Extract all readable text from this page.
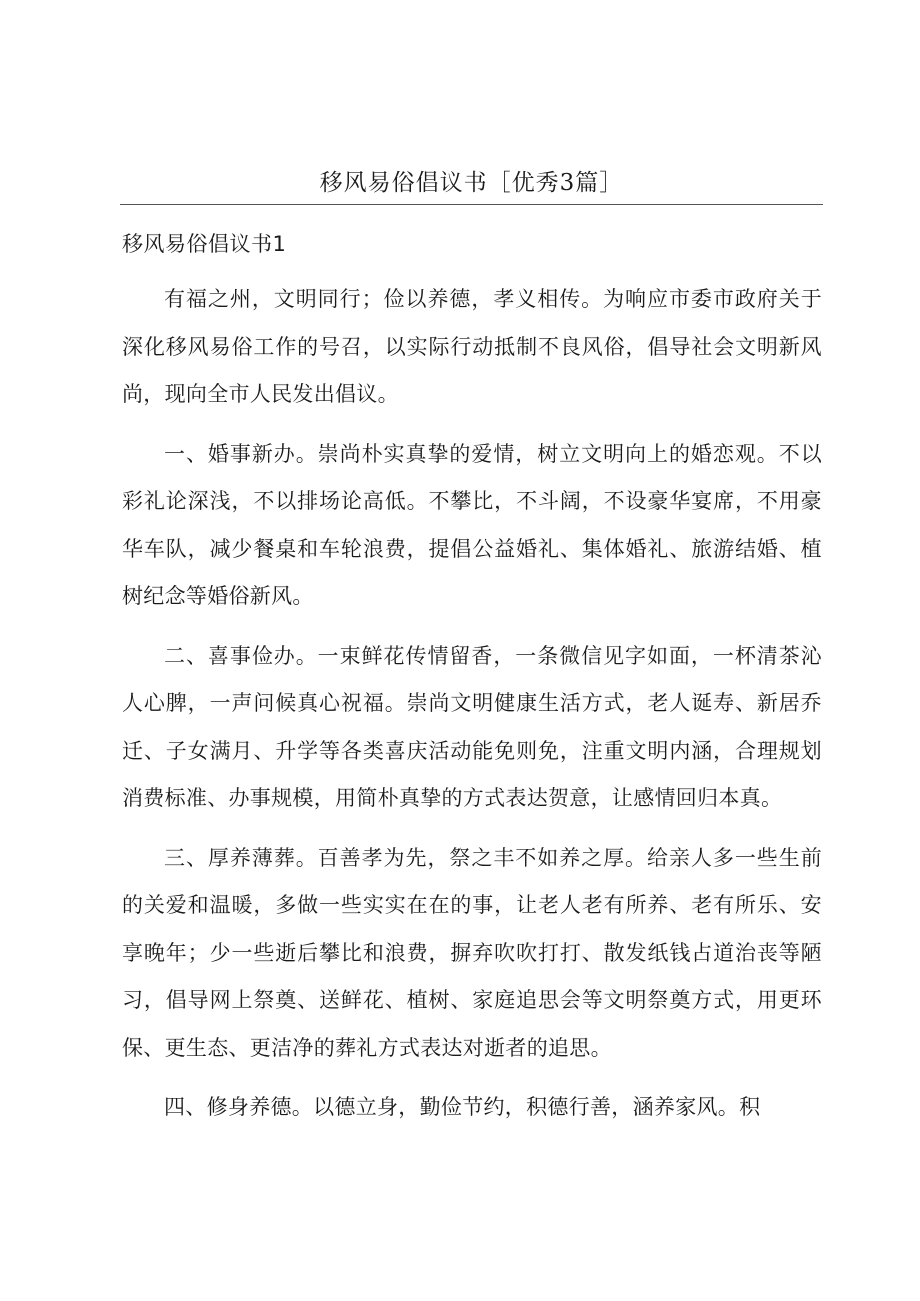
移风易俗倡议书［优秀3篇］

移风易俗倡议书1

有福之州，文明同行；俭以养德，孝义相传。为响应市委市政府关于深化移风易俗工作的号召，以实际行动抵制不良风俗，倡导社会文明新风尚，现向全市人民发出倡议。

一、婚事新办。崇尚朴实真挚的爱情，树立文明向上的婚恋观。不以彩礼论深浅，不以排场论高低。不攀比，不斗阔，不设豪华宴席，不用豪华车队，减少餐桌和车轮浪费，提倡公益婚礼、集体婚礼、旅游结婚、植树纪念等婚俗新风。

二、喜事俭办。一束鲜花传情留香，一条微信见字如面，一杯清茶沁人心脾，一声问候真心祝福。崇尚文明健康生活方式，老人诞寿、新居乔迁、子女满月、升学等各类喜庆活动能免则免，注重文明内涵，合理规划消费标准、办事规模，用简朴真挚的方式表达贺意，让感情回归本真。

三、厚养薄葬。百善孝为先，祭之丰不如养之厚。给亲人多一些生前的关爱和温暖，多做一些实实在在的事，让老人老有所养、老有所乐、安享晚年；少一些逝后攀比和浪费，摒弃吹吹打打、散发纸钱占道治丧等陋习，倡导网上祭奠、送鲜花、植树、家庭追思会等文明祭奠方式，用更环保、更生态、更洁净的葬礼方式表达对逝者的追思。

四、修身养德。以德立身，勤俭节约，积德行善，涵养家风。积
